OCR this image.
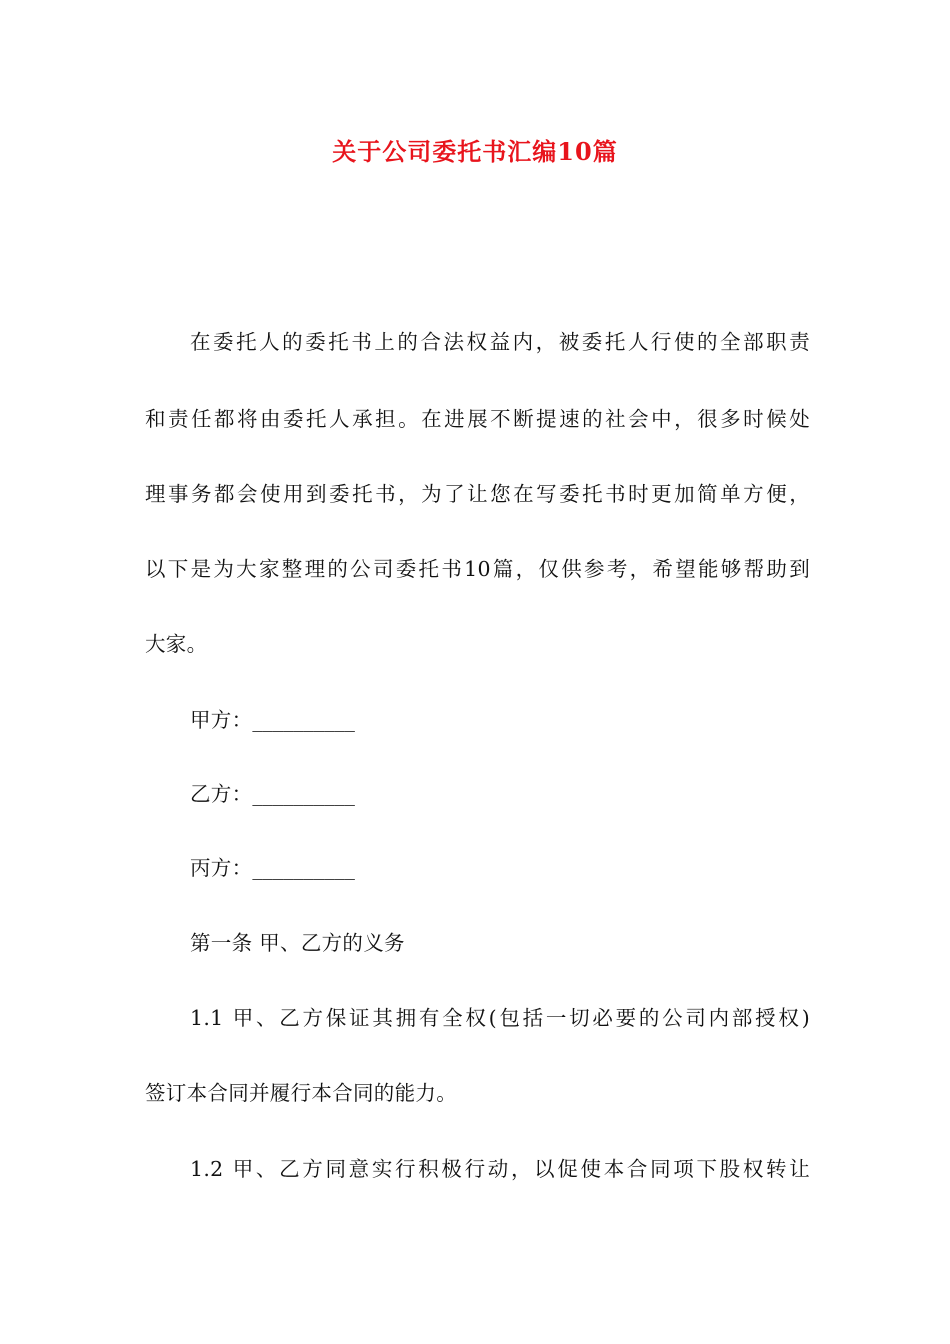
关于公司委托书汇编10篇
在委托人的委托书上的合法权益内，被委托人行使的全部职责
和责任都将由委托人承担。在进展不断提速的社会中，很多时候处
理事务都会使用到委托书，为了让您在写委托书时更加简单方便，
以下是为大家整理的公司委托书10篇，仅供参考，希望能够帮助到
大家。
甲方：__________
乙方：__________
丙方：__________
第一条 甲、乙方的义务
1.1 甲、乙方保证其拥有全权(包括一切必要的公司内部授权)
签订本合同并履行本合同的能力。
1.2 甲、乙方同意实行积极行动，以促使本合同项下股权转让
